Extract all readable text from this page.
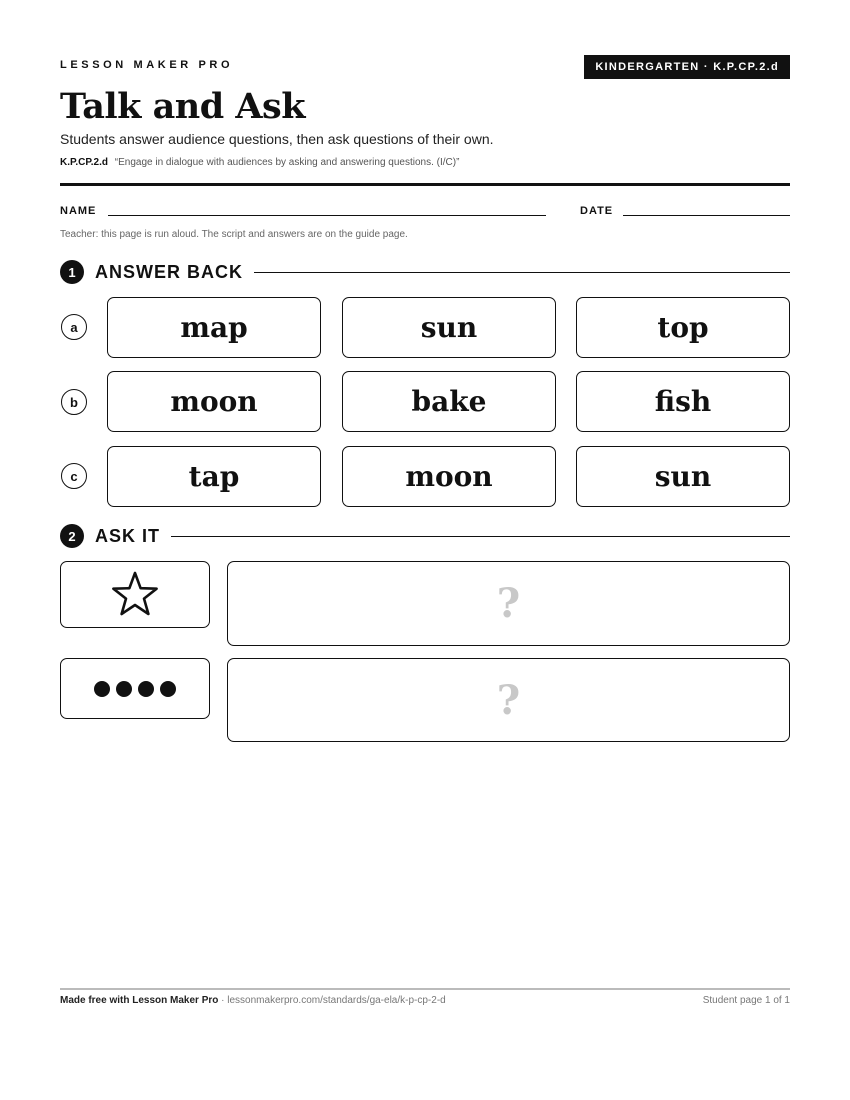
LESSON MAKER PRO	KINDERGARTEN · K.P.CP.2.d
Talk and Ask
Students answer audience questions, then ask questions of their own.
K.P.CP.2.d “Engage in dialogue with audiences by asking and answering questions. (I/C)”
NAME	DATE
Teacher: this page is run aloud. The script and answers are on the guide page.
1	ANSWER BACK
a	map	sun	top
b	moon	bake	fish
c	tap	moon	sun
2	ASK IT
?
?
Made free with Lesson Maker Pro · lessonmakerpro.com/standards/ga-ela/k-p-cp-2-d	Student page 1 of 1
